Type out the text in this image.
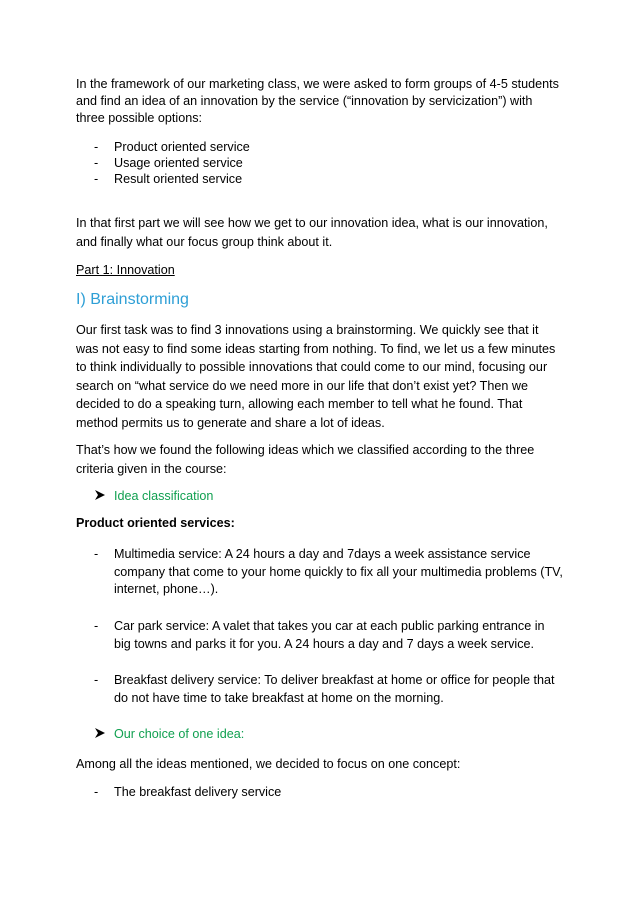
In the framework of our marketing class, we were asked to form groups of 4-5 students and find an idea of an innovation by the service (“innovation by servicization”) with three possible options:

- Product oriented service
- Usage oriented service
- Result oriented service

In that first part we will see how we get to our innovation idea, what is our innovation, and finally what our focus group think about it.

Part 1: Innovation
I) Brainstorming

Our first task was to find 3 innovations using a brainstorming. We quickly see that it was not easy to find some ideas starting from nothing. To find, we let us a few minutes to think individually to possible innovations that could come to our mind, focusing our search on “what service do we need more in our life that don’t exist yet? Then we decided to do a speaking turn, allowing each member to tell what he found. That method permits us to generate and share a lot of ideas.

That’s how we found the following ideas which we classified according to the three criteria given in the course:

Idea classification
Product oriented services:
- Multimedia service: A 24 hours a day and 7days a week assistance service company that come to your home quickly to fix all your multimedia problems (TV, internet, phone…).
- Car park service: A valet that takes you car at each public parking entrance in big towns and parks it for you. A 24 hours a day and 7 days a week service.
- Breakfast delivery service: To deliver breakfast at home or office for people that do not have time to take breakfast at home on the morning.
Our choice of one idea:

Among all the ideas mentioned, we decided to focus on one concept:

- The breakfast delivery service
